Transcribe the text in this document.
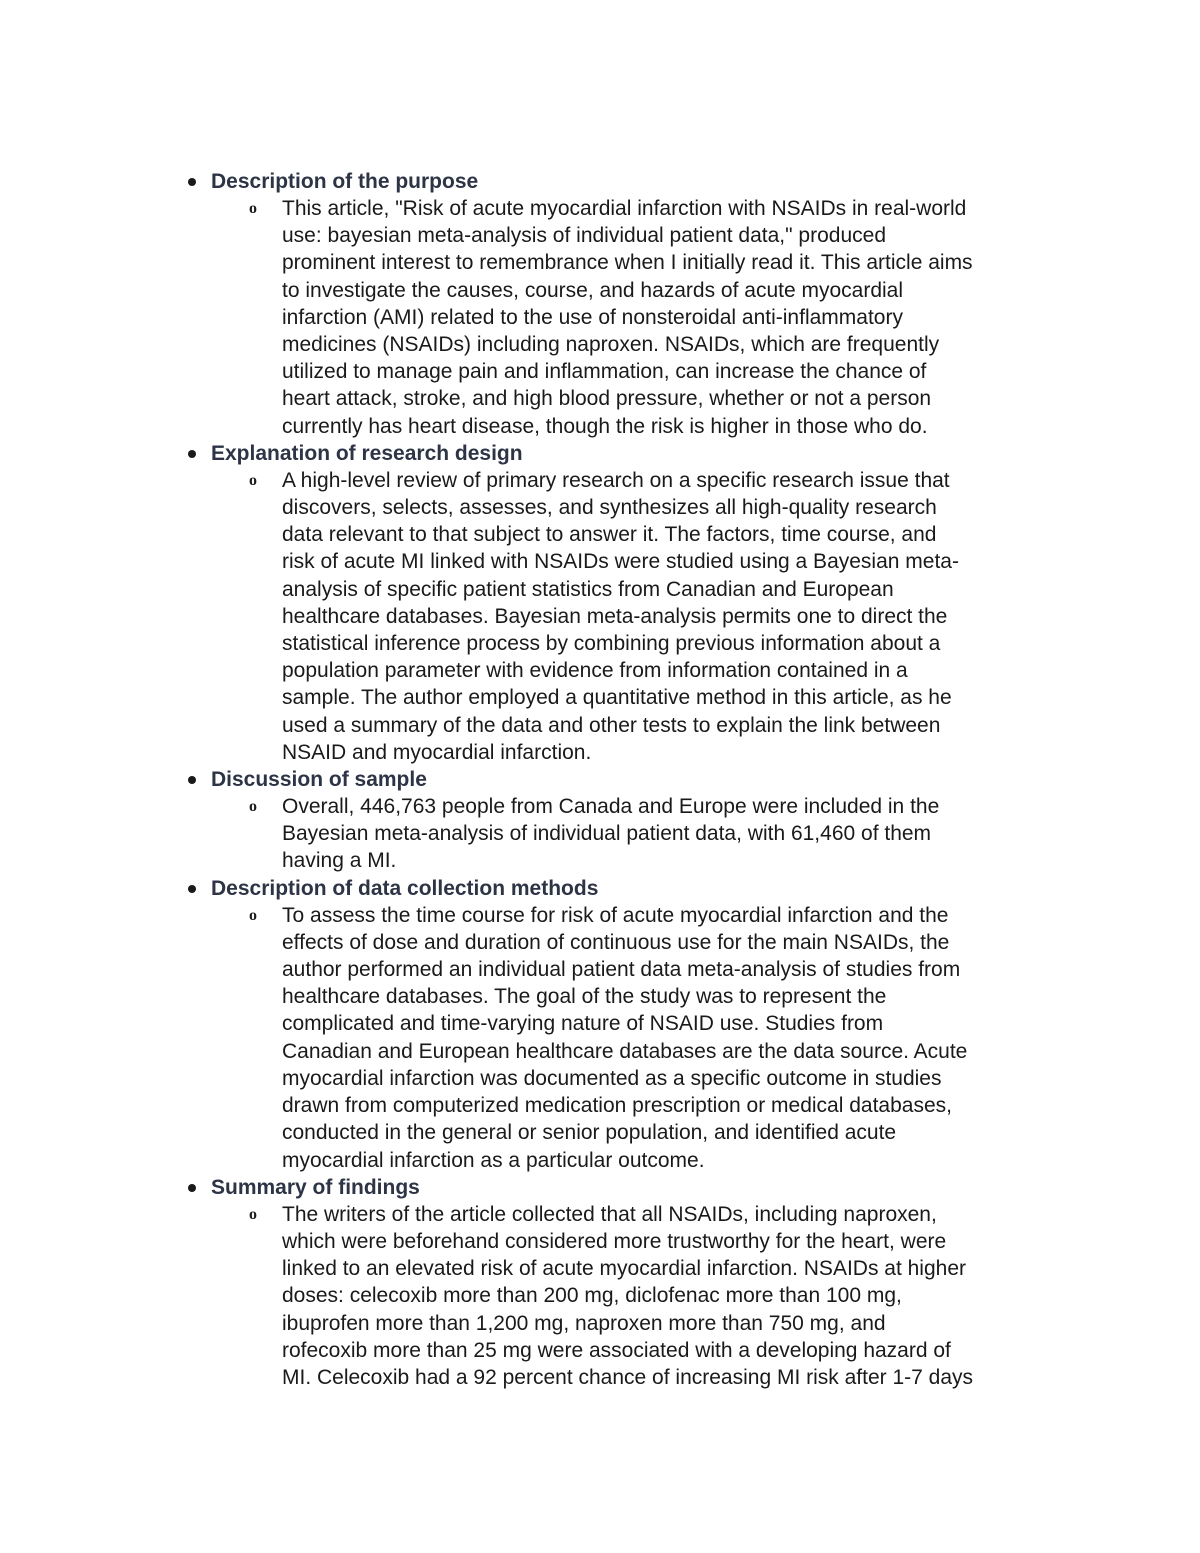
Description of the purpose
o This article, "Risk of acute myocardial infarction with NSAIDs in real-world
use: bayesian meta-analysis of individual patient data," produced
prominent interest to remembrance when I initially read it. This article aims
to investigate the causes, course, and hazards of acute myocardial
infarction (AMI) related to the use of nonsteroidal anti-inflammatory
medicines (NSAIDs) including naproxen. NSAIDs, which are frequently
utilized to manage pain and inflammation, can increase the chance of
heart attack, stroke, and high blood pressure, whether or not a person
currently has heart disease, though the risk is higher in those who do.
Explanation of research design
o A high-level review of primary research on a specific research issue that
discovers, selects, assesses, and synthesizes all high-quality research
data relevant to that subject to answer it. The factors, time course, and
risk of acute MI linked with NSAIDs were studied using a Bayesian meta-
analysis of specific patient statistics from Canadian and European
healthcare databases. Bayesian meta-analysis permits one to direct the
statistical inference process by combining previous information about a
population parameter with evidence from information contained in a
sample. The author employed a quantitative method in this article, as he
used a summary of the data and other tests to explain the link between
NSAID and myocardial infarction.
Discussion of sample
o Overall, 446,763 people from Canada and Europe were included in the
Bayesian meta-analysis of individual patient data, with 61,460 of them
having a MI.
Description of data collection methods
o To assess the time course for risk of acute myocardial infarction and the
effects of dose and duration of continuous use for the main NSAIDs, the
author performed an individual patient data meta-analysis of studies from
healthcare databases. The goal of the study was to represent the
complicated and time-varying nature of NSAID use. Studies from
Canadian and European healthcare databases are the data source. Acute
myocardial infarction was documented as a specific outcome in studies
drawn from computerized medication prescription or medical databases,
conducted in the general or senior population, and identified acute
myocardial infarction as a particular outcome.
Summary of findings
o The writers of the article collected that all NSAIDs, including naproxen,
which were beforehand considered more trustworthy for the heart, were
linked to an elevated risk of acute myocardial infarction. NSAIDs at higher
doses: celecoxib more than 200 mg, diclofenac more than 100 mg,
ibuprofen more than 1,200 mg, naproxen more than 750 mg, and
rofecoxib more than 25 mg were associated with a developing hazard of
MI. Celecoxib had a 92 percent chance of increasing MI risk after 1-7 days
